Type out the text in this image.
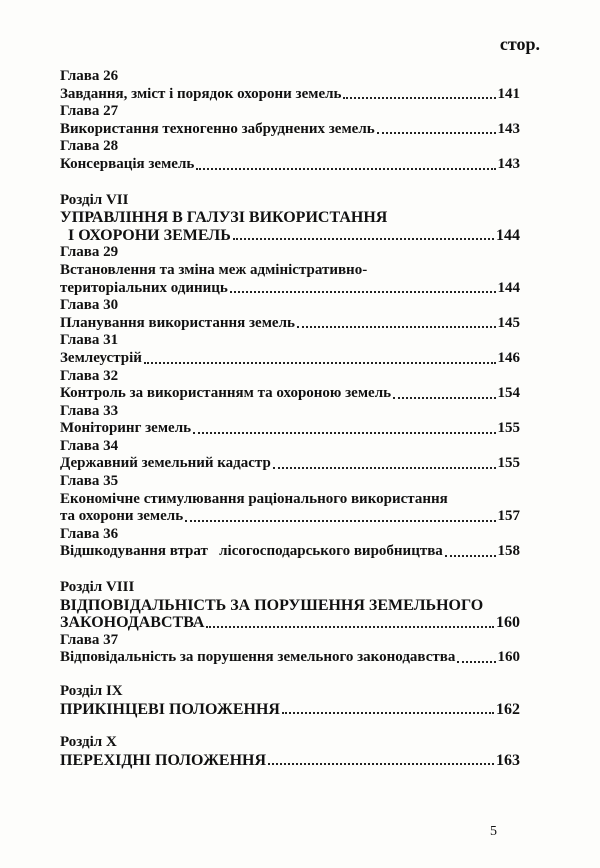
стор.
Глава 26
Завдання, зміст і порядок охорони земель	141
Глава 27
Використання техногенно забруднених земель	143
Глава 28
Консервація земель	143
Розділ VII
УПРАВЛІННЯ В ГАЛУЗІ ВИКОРИСТАННЯ
І ОХОРОНИ ЗЕМЕЛЬ	144
Глава 29
Встановлення та зміна меж адміністративно-
територіальних одиниць	144
Глава 30
Планування використання земель	145
Глава 31
Землеустрій	146
Глава 32
Контроль за використанням та охороною земель	154
Глава 33
Моніторинг земель	155
Глава 34
Державний земельний кадастр	155
Глава 35
Економічне стимулювання раціонального використання
та охорони земель	157
Глава 36
Відшкодування втрат   лісогосподарського виробництва	158
Розділ VIII
ВІДПОВІДАЛЬНІСТЬ ЗА ПОРУШЕННЯ ЗЕМЕЛЬНОГО
ЗАКОНОДАВСТВА	160
Глава 37
Відповідальність за порушення земельного законодавства	160
Розділ IX
ПРИКІНЦЕВІ ПОЛОЖЕННЯ	162
Розділ X
ПЕРЕХІДНІ ПОЛОЖЕННЯ	163
5
